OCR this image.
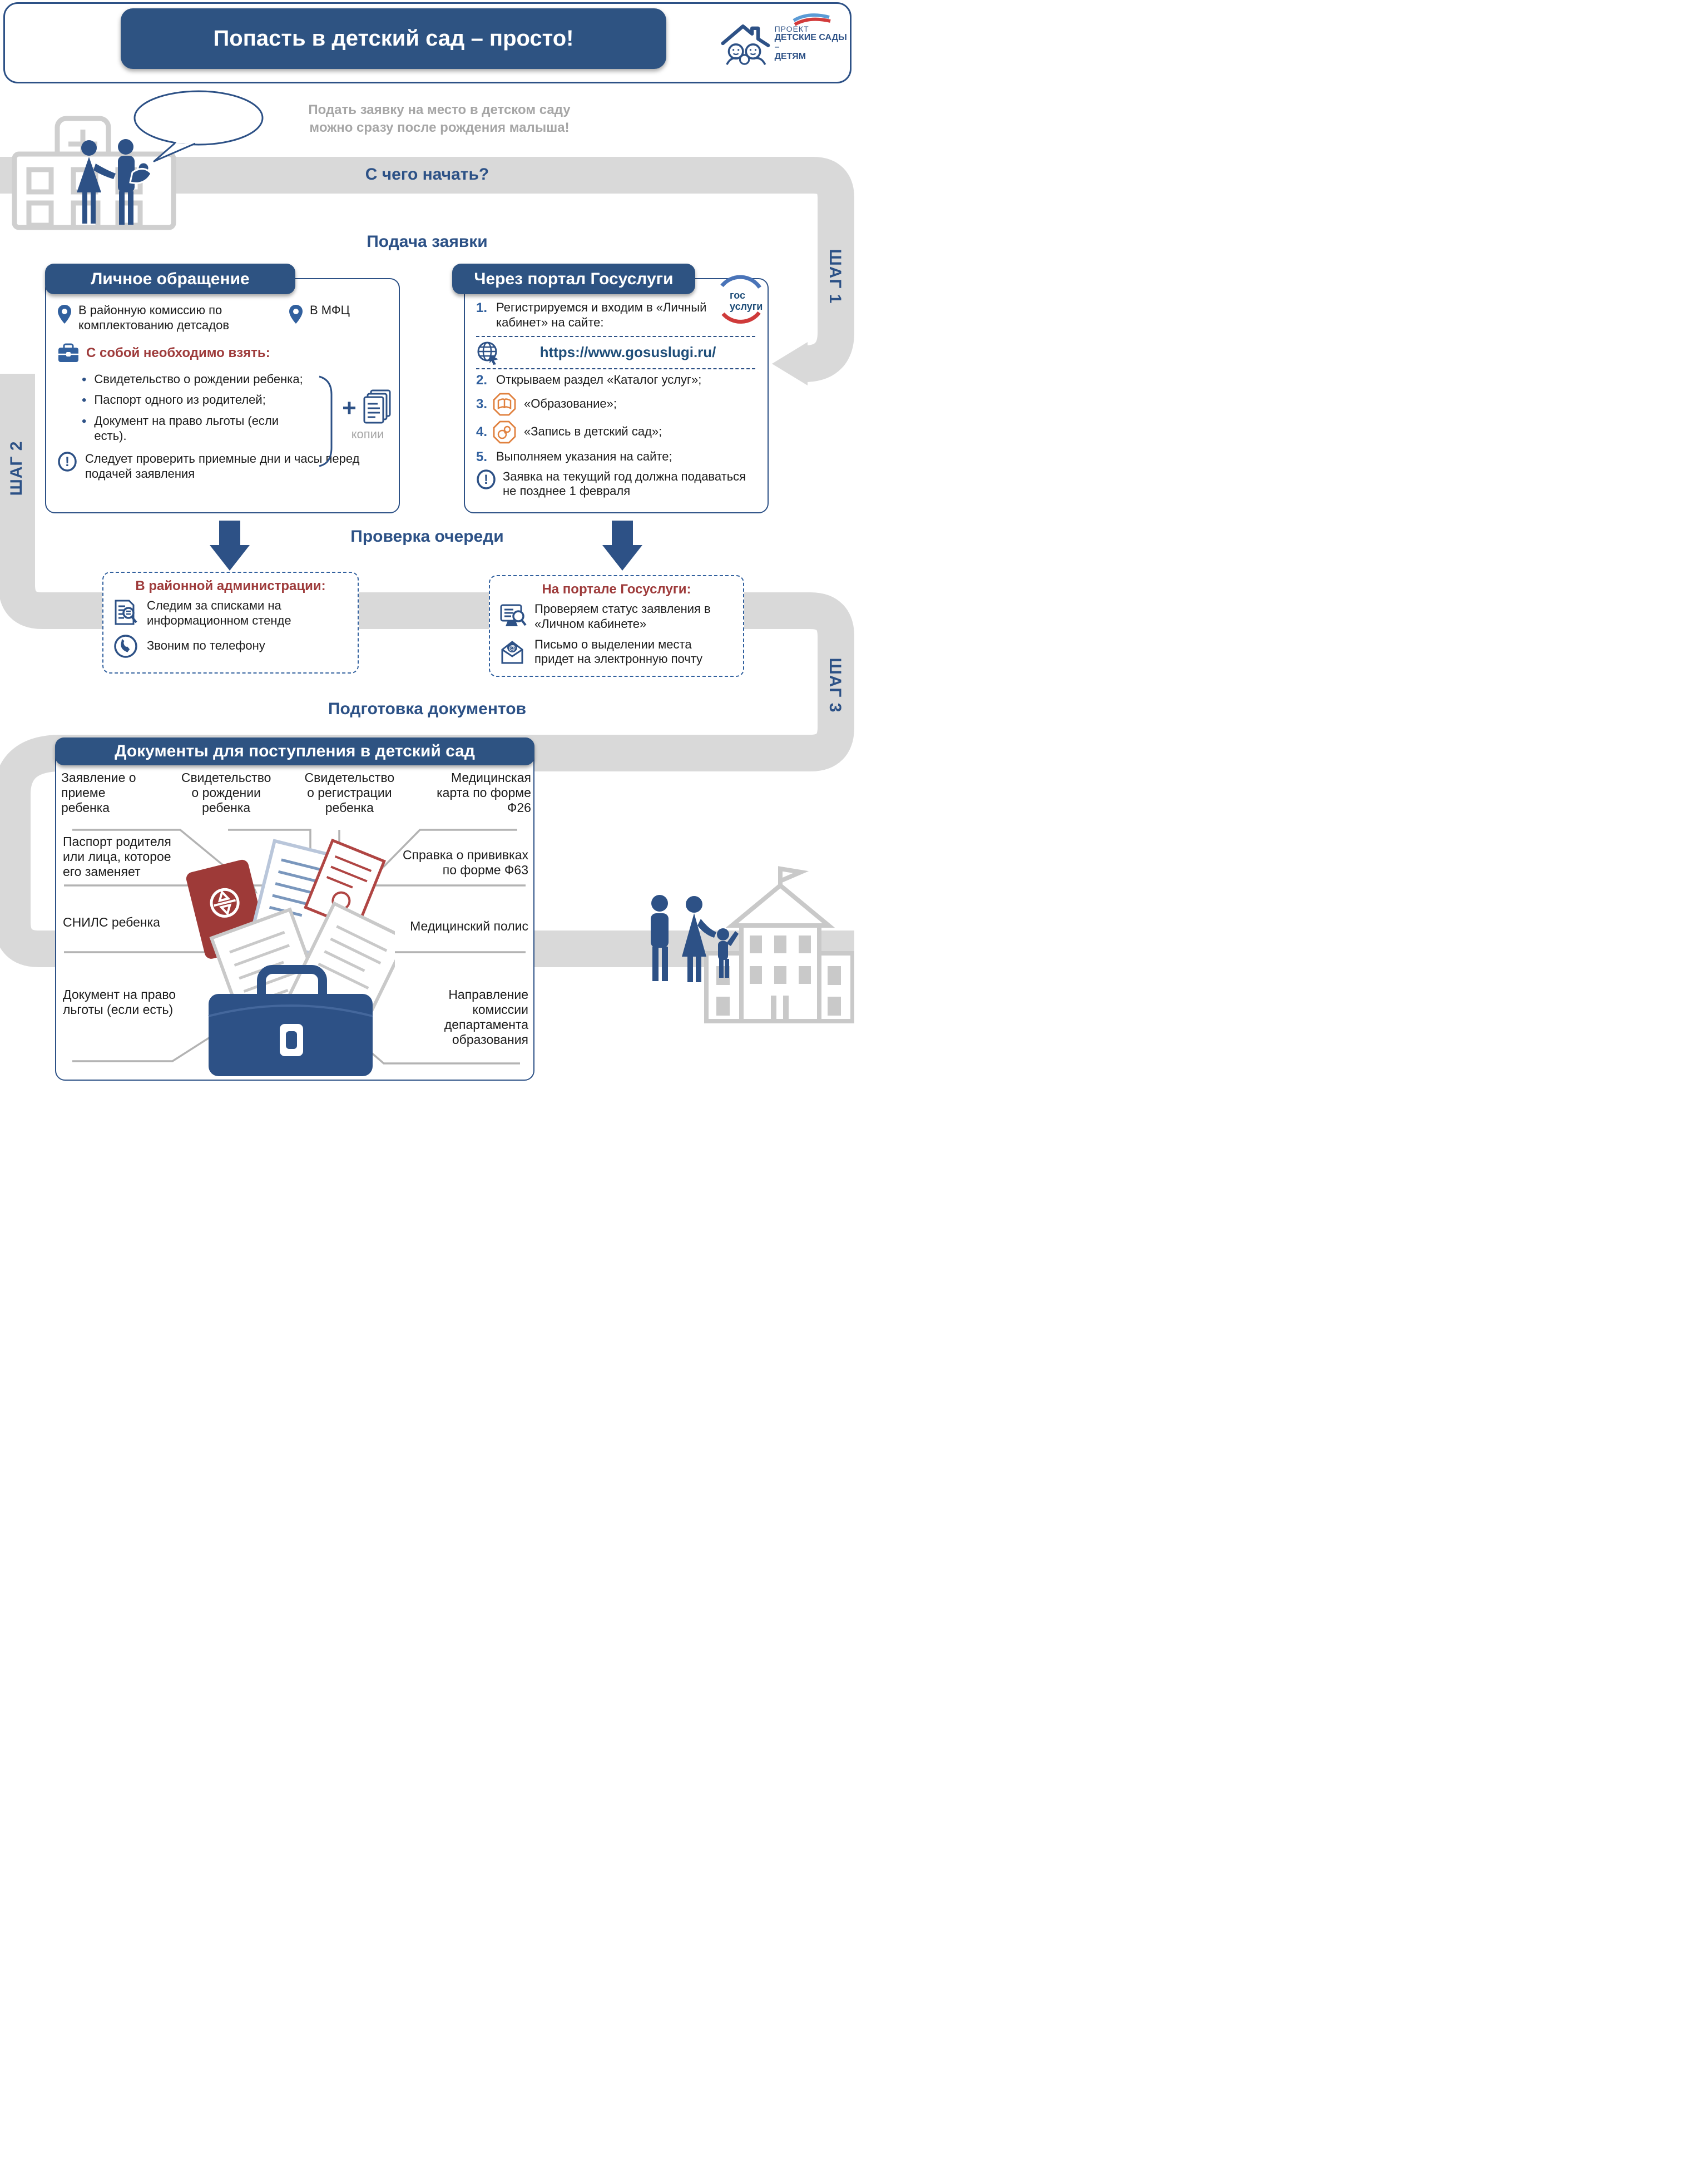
Попасть в детский сад – просто!	ПРОЕКТ
ДЕТСКИЕ САДЫ –
ДЕТЯМ
Подать заявку на место в детском саду
можно сразу после рождения малыша!
С чего начать?
ШАГ 1
ШАГ 2
ШАГ 3
Подача заявки
Личное обращение
В районную комиссию по комплектованию детсадов
В МФЦ
С собой необходимо взять:
• Свидетельство о рождении ребенка;
• Паспорт одного из родителей;
• Документ на право льготы (если есть).
! Следует проверить приемные дни и часы перед подачей заявления
+
копии
Через портал Госуслуги
гос
услуги
1. Регистрируемся и входим в «Личный кабинет» на сайте:
https://www.gosuslugi.ru/
2. Открываем раздел «Каталог услуг»;
3.	«Образование»;
4.	«Запись в детский сад»;
5. Выполняем указания на сайте;
! Заявка на текущий год должна подаваться не позднее 1 февраля
Проверка очереди
В районной администрации:
Следим за списками на информационном стенде
Звоним по телефону
На портале Госуслуги:
Проверяем статус заявления в «Личном кабинете»
@ Письмо о выделении места придет на электронную почту
Подготовка документов
Документы для поступления в детский сад
Заявление о приеме ребенка
Свидетельство о рождении ребенка
Свидетельство о регистрации ребенка
Медицинская карта по форме Ф26
Паспорт родителя или лица, которое его заменяет
СНИЛС ребенка
Документ на право льготы (если есть)
Справка о прививках по форме Ф63
Медицинский полис
Направление комиссии департамента образования
